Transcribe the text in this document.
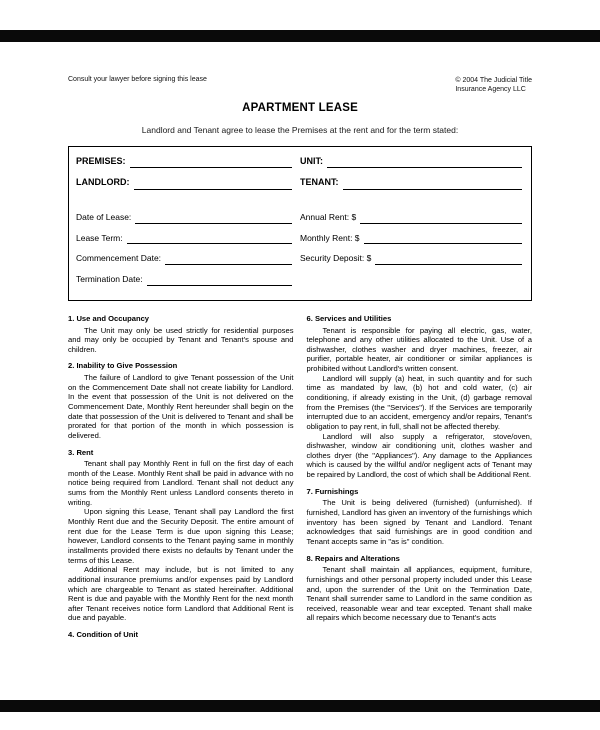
Consult your lawyer before signing this lease	© 2004 The Judicial Title
Insurance Agency LLC
APARTMENT LEASE
Landlord and Tenant agree to lease the Premises at the rent and for the term stated:
PREMISES:	UNIT:
LANDLORD:	TENANT:
Date of Lease:	Annual Rent: $
Lease Term:	Monthly Rent: $
Commencement Date:	Security Deposit: $
Termination Date:
1. Use and Occupancy

The Unit may only be used strictly for residential purposes and may only be occupied by Tenant and Tenant's spouse and children.

2. Inability to Give Possession

The failure of Landlord to give Tenant possession of the Unit on the Commencement Date shall not create liability for Landlord. In the event that possession of the Unit is not delivered on the Commencement Date, Monthly Rent hereunder shall begin on the date that possession of the Unit is delivered to Tenant and shall be prorated for that portion of the month in which possession is delivered.

3. Rent

Tenant shall pay Monthly Rent in full on the first day of each month of the Lease. Monthly Rent shall be paid in advance with no notice being required from Landlord. Tenant shall not deduct any sums from the Monthly Rent unless Landlord consents thereto in writing.

Upon signing this Lease, Tenant shall pay Landlord the first Monthly Rent due and the Security Deposit. The entire amount of rent due for the Lease Term is due upon signing this Lease; however, Landlord consents to the Tenant paying same in monthly installments provided there exists no defaults by Tenant under the terms of this Lease.

Additional Rent may include, but is not limited to any additional insurance premiums and/or expenses paid by Landlord which are chargeable to Tenant as stated hereinafter. Additional Rent is due and payable with the Monthly Rent for the next month after Tenant receives notice form Landlord that Additional Rent is due and payable.

4. Condition of Unit
6. Services and Utilities

Tenant is responsible for paying all electric, gas, water, telephone and any other utilities allocated to the Unit. Use of a dishwasher, clothes washer and dryer machines, freezer, air purifier, portable heater, air conditioner or similar appliances is prohibited without Landlord's written consent.

Landlord will supply (a) heat, in such quantity and for such time as mandated by law, (b) hot and cold water, (c) air conditioning, if already existing in the Unit, (d) garbage removal from the Premises (the "Services"). If the Services are temporarily interrupted due to an accident, emergency and/or repairs, Tenant's obligation to pay rent, in full, shall not be affected thereby.

Landlord will also supply a refrigerator, stove/oven, dishwasher, window air conditioning unit, clothes washer and clothes dryer (the "Appliances"). Any damage to the Appliances which is caused by the willful and/or negligent acts of Tenant may be repaired by Landlord, the cost of which shall be Additional Rent.

7. Furnishings

The Unit is being delivered (furnished) (unfurnished). If furnished, Landlord has given an inventory of the furnishings which inventory has been signed by Tenant and Landlord. Tenant acknowledges that said furnishings are in good condition and Tenant accepts same in "as is" condition.

8. Repairs and Alterations

Tenant shall maintain all appliances, equipment, furniture, furnishings and other personal property included under this Lease and, upon the surrender of the Unit on the Termination Date, Tenant shall surrender same to Landlord in the same condition as received, reasonable wear and tear excepted. Tenant shall make all repairs which become necessary due to Tenant's acts
